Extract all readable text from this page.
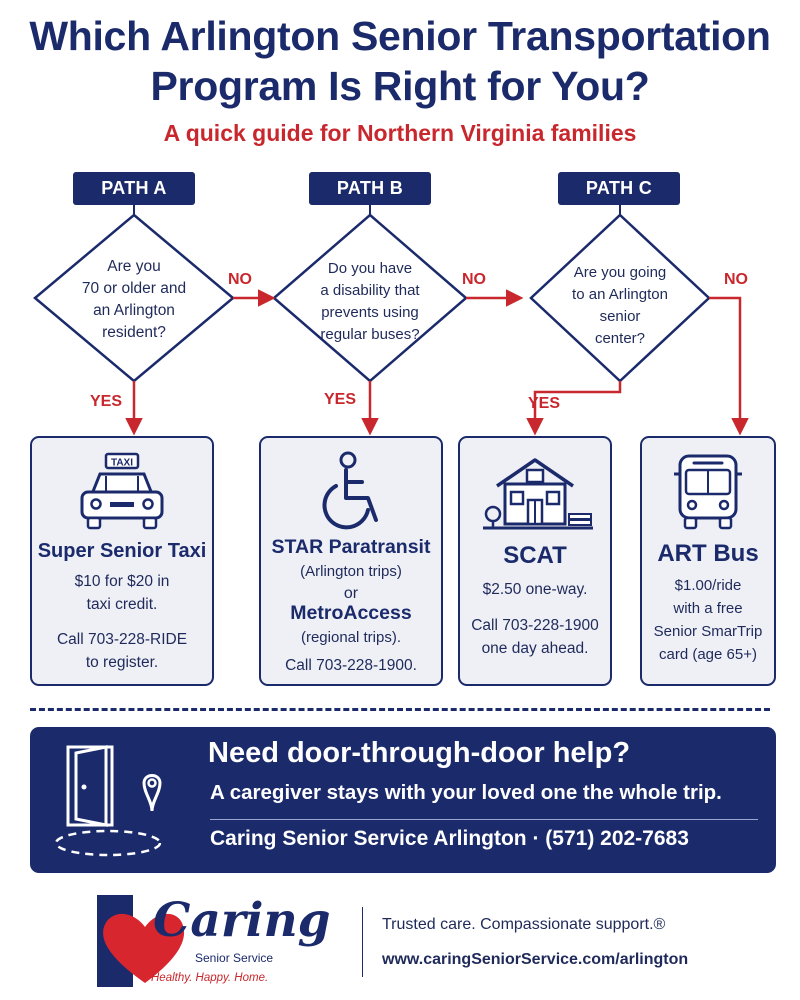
Which Arlington Senior Transportation
Program Is Right for You?
A quick guide for Northern Virginia families
PATH A	PATH B	PATH C
Are you
70 or older and
an Arlington
resident?
Do you have
a disability that
prevents using
regular buses?
Are you going
to an Arlington
senior
center?
NO	NO	NO
YES	YES	YES
TAXI
Super Senior Taxi
$10 for $20 in
taxi credit.
Call 703-228-RIDE
to register.
STAR Paratransit
(Arlington trips)
or
MetroAccess
(regional trips).
Call 703-228-1900.
SCAT
$2.50 one-way.
Call 703-228-1900
one day ahead.
ART Bus
$1.00/ride
with a free
Senior SmarTrip
card (age 65+)
Need door-through-door help?
A caregiver stays with your loved one the whole trip.
Caring Senior Service Arlington · (571) 202-7683
Caring
Senior Service
Healthy. Happy. Home.
Trusted care. Compassionate support.®
www.caringSeniorService.com/arlington
